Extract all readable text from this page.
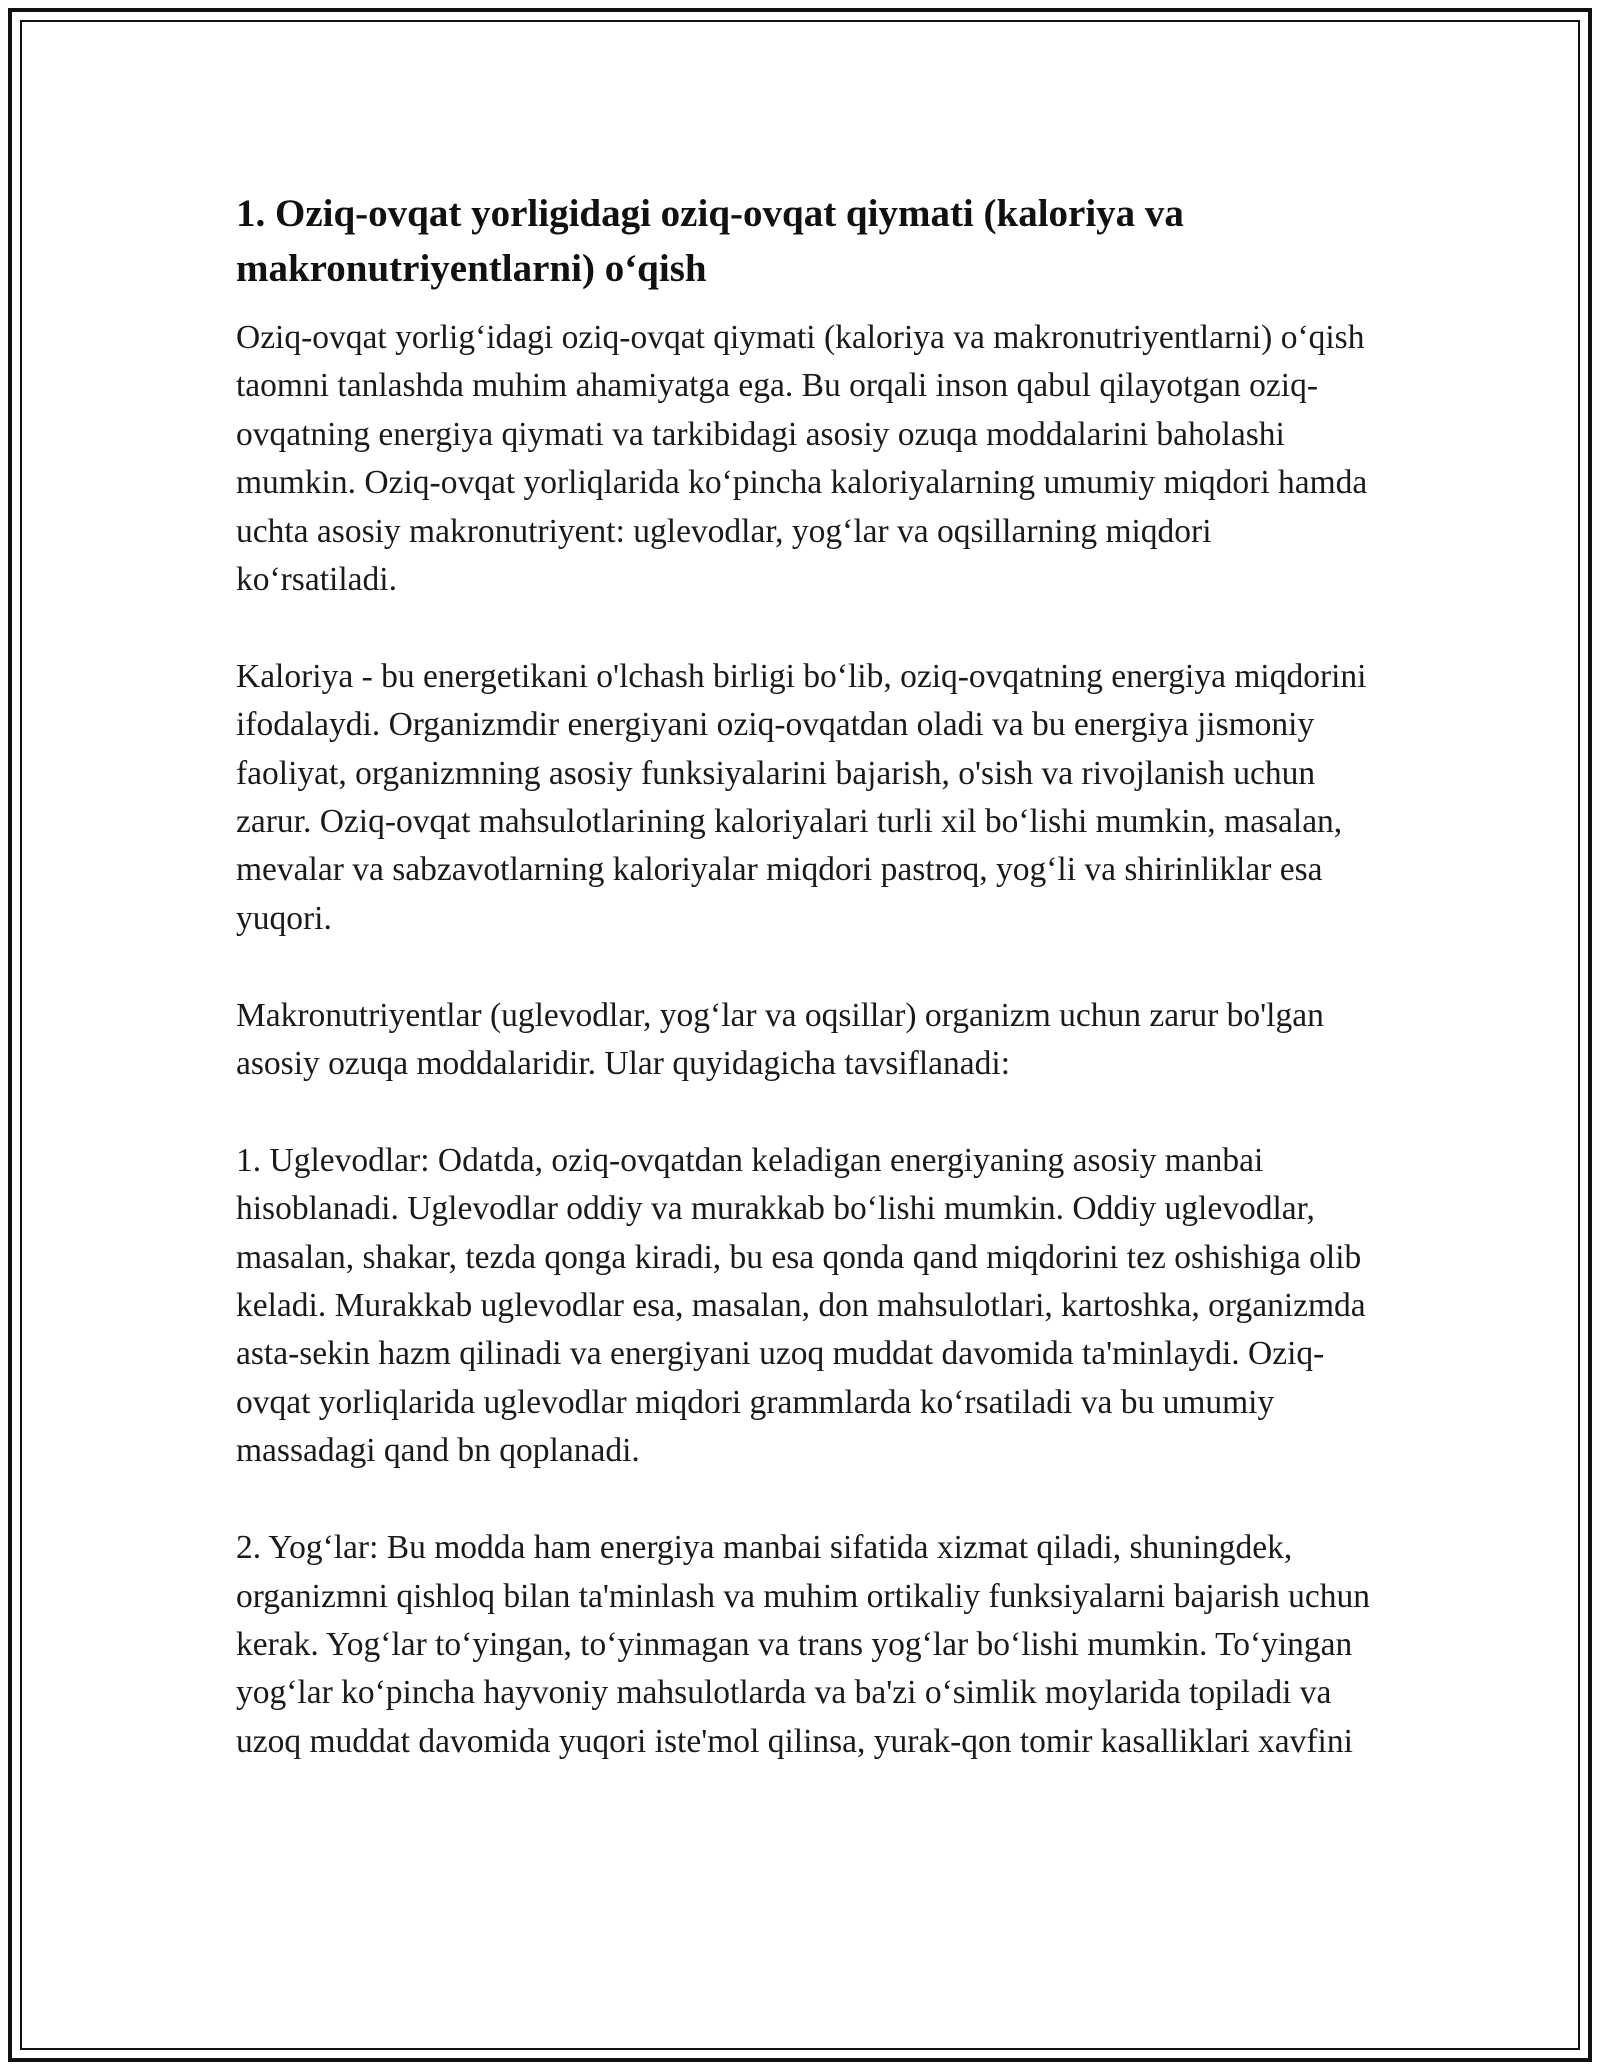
1. Oziq-ovqat yorligidagi oziq-ovqat qiymati (kaloriya va makronutriyentlarni) o‘qish

Oziq-ovqat yorlig‘idagi oziq-ovqat qiymati (kaloriya va makronutriyentlarni) o‘qish taomni tanlashda muhim ahamiyatga ega. Bu orqali inson qabul qilayotgan oziq-ovqatning energiya qiymati va tarkibidagi asosiy ozuqa moddalarini baholashi mumkin. Oziq-ovqat yorliqlarida ko‘pincha kaloriyalarning umumiy miqdori hamda uchta asosiy makronutriyent: uglevodlar, yog‘lar va oqsillarning miqdori ko‘rsatiladi.

Kaloriya - bu energetikani o'lchash birligi bo‘lib, oziq-ovqatning energiya miqdorini ifodalaydi. Organizmdir energiyani oziq-ovqatdan oladi va bu energiya jismoniy faoliyat, organizmning asosiy funksiyalarini bajarish, o'sish va rivojlanish uchun zarur. Oziq-ovqat mahsulotlarining kaloriyalari turli xil bo‘lishi mumkin, masalan, mevalar va sabzavotlarning kaloriyalar miqdori pastroq, yog‘li va shirinliklar esa yuqori.

Makronutriyentlar (uglevodlar, yog‘lar va oqsillar) organizm uchun zarur bo'lgan asosiy ozuqa moddalaridir. Ular quyidagicha tavsiflanadi:

1. Uglevodlar: Odatda, oziq-ovqatdan keladigan energiyaning asosiy manbai hisoblanadi. Uglevodlar oddiy va murakkab bo‘lishi mumkin. Oddiy uglevodlar, masalan, shakar, tezda qonga kiradi, bu esa qonda qand miqdorini tez oshishiga olib keladi. Murakkab uglevodlar esa, masalan, don mahsulotlari, kartoshka, organizmda asta-sekin hazm qilinadi va energiyani uzoq muddat davomida ta'minlaydi. Oziq-ovqat yorliqlarida uglevodlar miqdori grammlarda ko‘rsatiladi va bu umumiy massadagi qand bn qoplanadi.

2. Yog‘lar: Bu modda ham energiya manbai sifatida xizmat qiladi, shuningdek, organizmni qishloq bilan ta'minlash va muhim ortikaliy funksiyalarni bajarish uchun kerak. Yog‘lar to‘yingan, to‘yinmagan va trans yog‘lar bo‘lishi mumkin. To‘yingan yog‘lar ko‘pincha hayvoniy mahsulotlarda va ba'zi o‘simlik moylarida topiladi va uzoq muddat davomida yuqori iste'mol qilinsa, yurak-qon tomir kasalliklari xavfini
